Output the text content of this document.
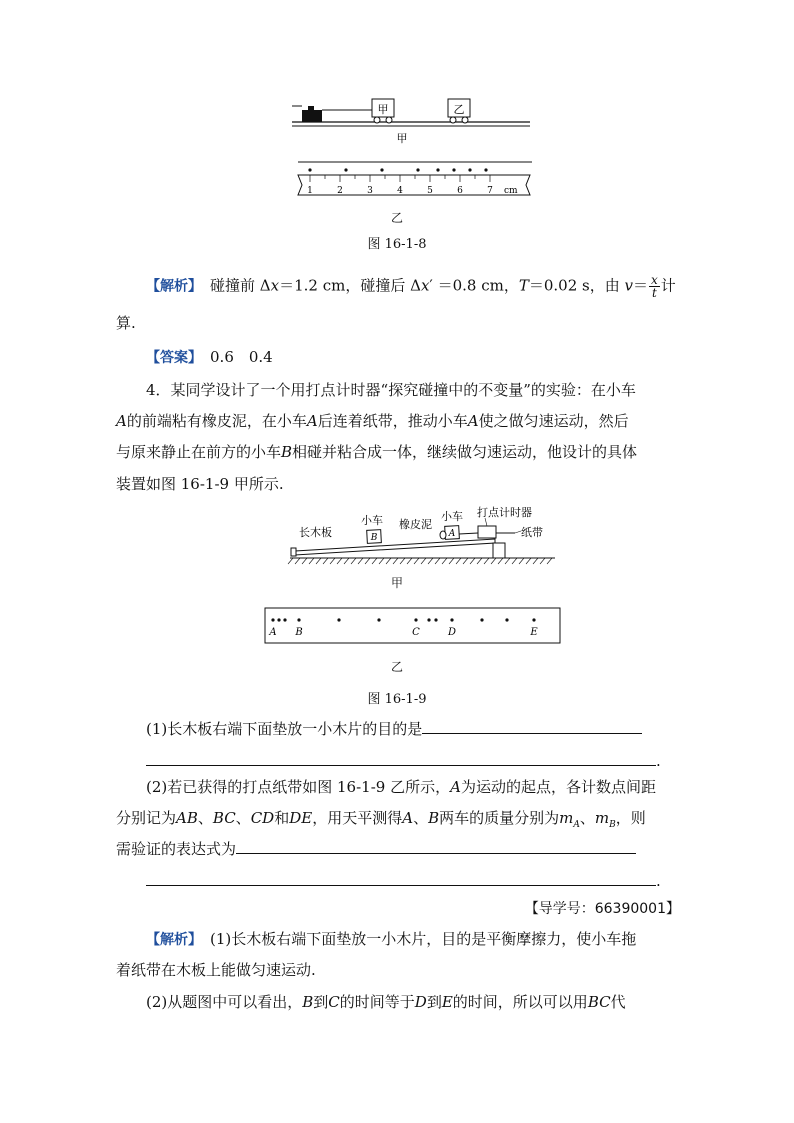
甲	乙
甲
1	2	3	4	5	6	7 cm
乙
图 16-1-8
【解析】　 碰撞前 Δx＝1.2 cm，碰撞后 Δx′ ＝0.8 cm，T＝0.02 s，由 $v= \frac{x}{t}$ 计
算.
【答案】　 0.6　0.4
4．某同学设计了一个用打点计时器“探究碰撞中的不变量”的实验：在小车
A的前端粘有橡皮泥，在小车A后连着纸带，推动小车A使之做匀速运动，然后
与原来静止在前方的小车B相碰并粘合成一体，继续做匀速运动，他设计的具体
装置如图 16-1-9 甲所示.
B	A
长木板
小车 橡皮泥
小车 打点计时器
纸带
甲
A B	C	D	E
乙
图 16-1-9
(1)长木板右端下面垫放一小木片的目的是
.
(2)若已获得的打点纸带如图 16-1-9 乙所示，A为运动的起点，各计数点间距
分别记为AB、BC、CD和DE，用天平测得A、B两车的质量分别为$m_A$、$m_B$，则
需验证的表达式为
.
【导学号：66390001】
【解析】　 (1)长木板右端下面垫放一小木片，目的是平衡摩擦力，使小车拖
着纸带在木板上能做匀速运动.
(2)从题图中可以看出，B到C的时间等于D到E的时间，所以可以用BC代
